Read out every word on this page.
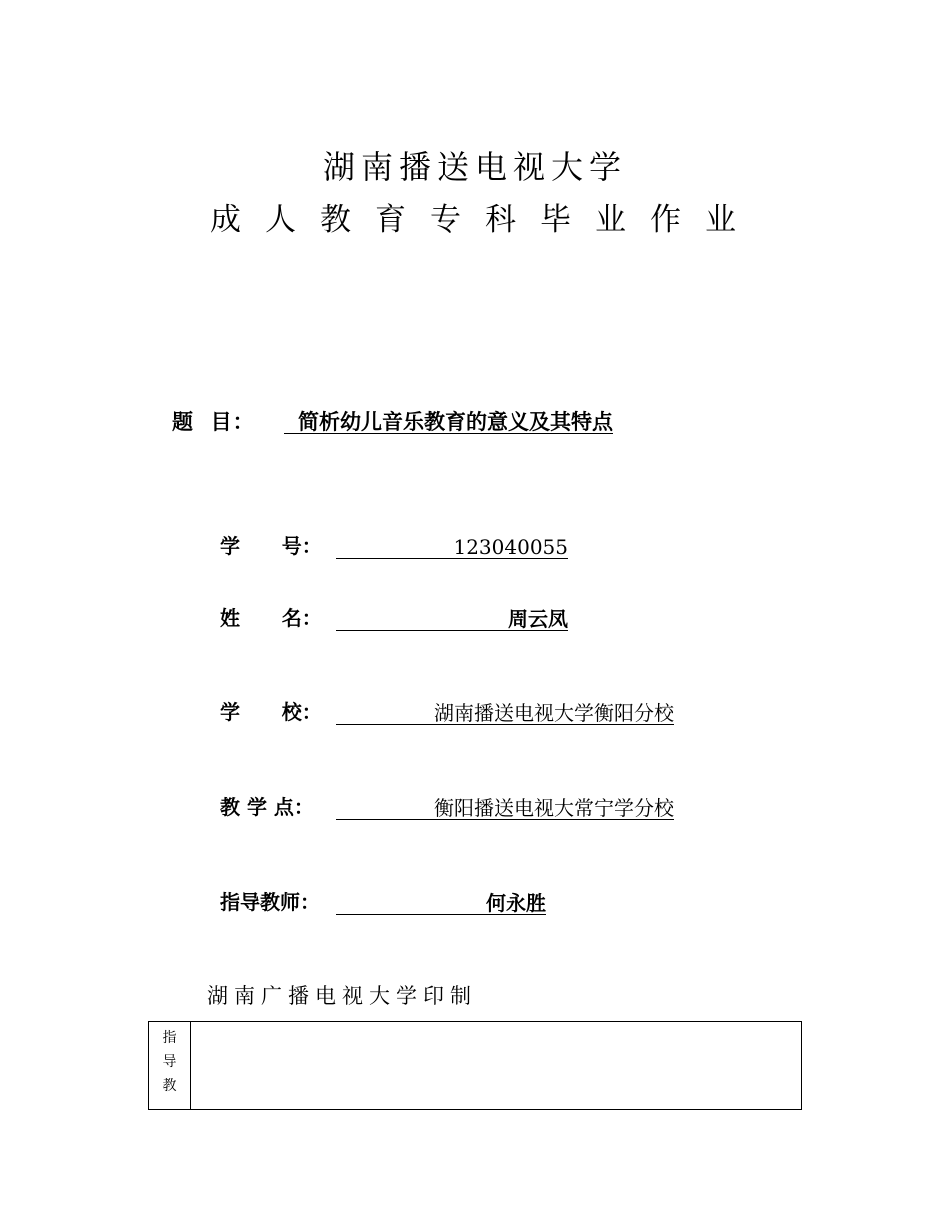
湖南播送电视大学
成人教育专科毕业作业
题  目： 简析幼儿音乐教育的意义及其特点
学      号：	123040055
姓      名：	周云凤
学      校：	湖南播送电视大学衡阳分校
教 学 点：	衡阳播送电视大常宁学分校
指导教师：	何永胜
湖南广播电视大学印制
指
导
教
